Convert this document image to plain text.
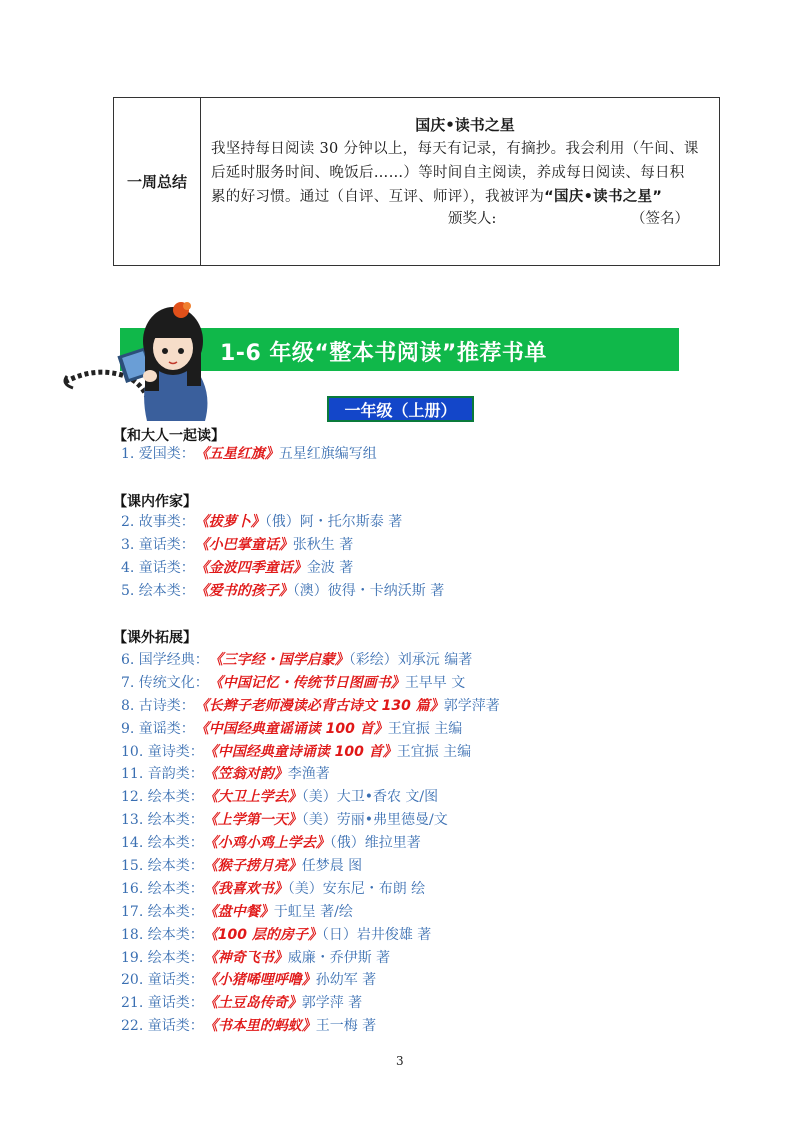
一周总结
国庆•读书之星
我坚持每日阅读 30 分钟以上，每天有记录，有摘抄。我会利用（午间、课
后延时服务时间、晚饭后……）等时间自主阅读，养成每日阅读、每日积
累的好习惯。通过（自评、互评、师评），我被评为“国庆•读书之星”
颁奖人:	（签名）
1-6 年级“整本书阅读”推荐书单
一年级（上册）
【和大人一起读】
1. 爱国类：《五星红旗》五星红旗编写组
【课内作家】
2. 故事类：《拔萝卜》（俄）阿・托尔斯泰 著
3. 童话类：《小巴掌童话》张秋生 著
4. 童话类：《金波四季童话》金波 著
5. 绘本类：《爱书的孩子》（澳）彼得・卡纳沃斯 著
【课外拓展】
6. 国学经典：《三字经・国学启蒙》（彩绘）刘承沅 编著
7. 传统文化：《中国记忆・传统节日图画书》王早早 文
8. 古诗类：《长辫子老师漫读必背古诗文 130 篇》郭学萍著
9. 童谣类：《中国经典童谣诵读 100 首》王宜振 主编
10. 童诗类：《中国经典童诗诵读 100 首》王宜振 主编
11. 音韵类：《笠翁对韵》李渔著
12. 绘本类：《大卫上学去》（美）大卫•香农 文/图
13. 绘本类：《上学第一天》（美）劳丽•弗里德曼/文
14. 绘本类：《小鸡小鸡上学去》（俄）维拉里著
15. 绘本类：《猴子捞月亮》任梦晨 图
16. 绘本类：《我喜欢书》（美）安东尼・布朗 绘
17. 绘本类：《盘中餐》于虹呈 著/绘
18. 绘本类：《100 层的房子》（日）岩井俊雄 著
19. 绘本类：《神奇飞书》威廉・乔伊斯 著
20. 童话类：《小猪唏哩呼噜》孙幼军 著
21. 童话类：《土豆岛传奇》郭学萍 著
22. 童话类：《书本里的蚂蚁》王一梅 著
3
